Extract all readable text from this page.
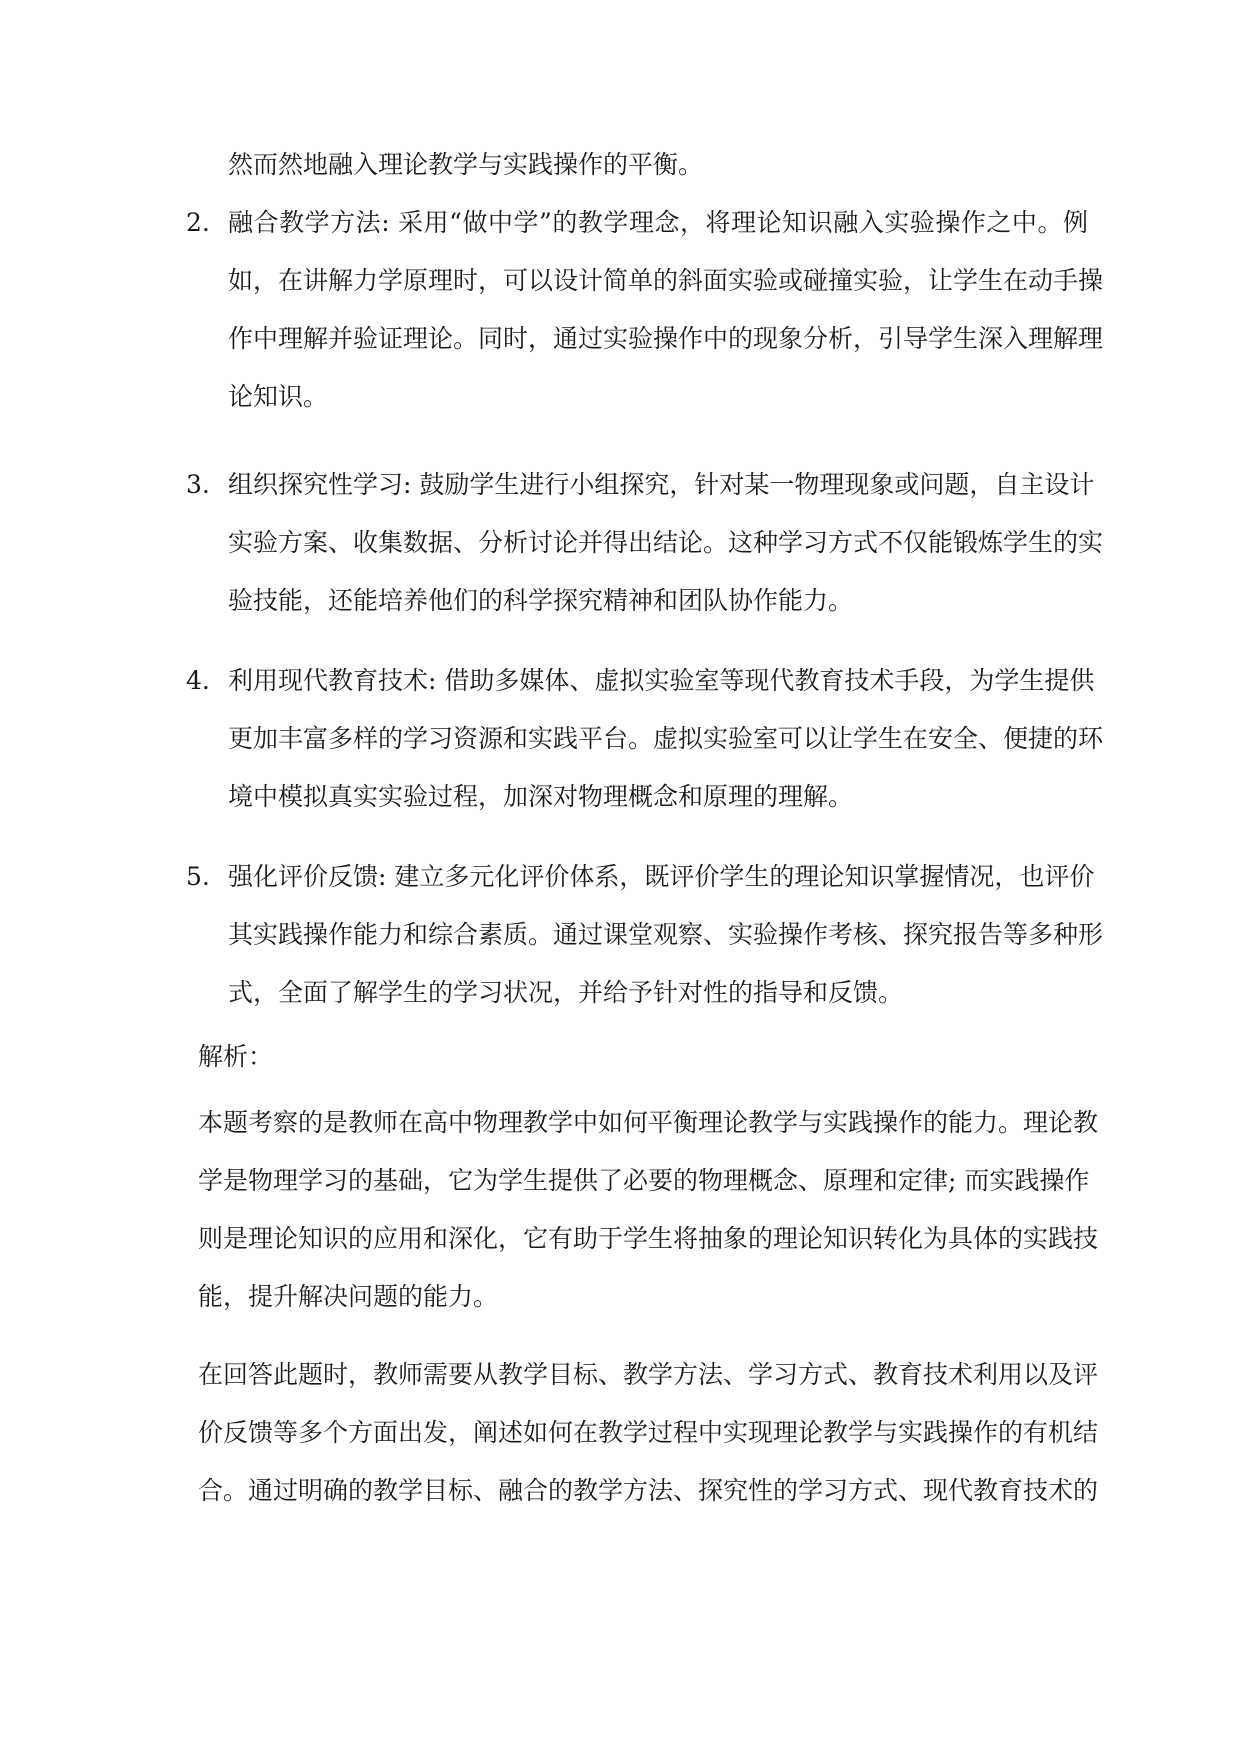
然而然地融入理论教学与实践操作的平衡。
2. 融合教学方法: 采用“做中学”的教学理念，将理论知识融入实验操作之中。例
如，在讲解力学原理时，可以设计简单的斜面实验或碰撞实验，让学生在动手操
作中理解并验证理论。同时，通过实验操作中的现象分析，引导学生深入理解理
论知识。
3. 组织探究性学习: 鼓励学生进行小组探究，针对某一物理现象或问题，自主设计
实验方案、收集数据、分析讨论并得出结论。这种学习方式不仅能锻炼学生的实
验技能，还能培养他们的科学探究精神和团队协作能力。
4. 利用现代教育技术: 借助多媒体、虚拟实验室等现代教育技术手段，为学生提供
更加丰富多样的学习资源和实践平台。虚拟实验室可以让学生在安全、便捷的环
境中模拟真实实验过程，加深对物理概念和原理的理解。
5. 强化评价反馈: 建立多元化评价体系，既评价学生的理论知识掌握情况，也评价
其实践操作能力和综合素质。通过课堂观察、实验操作考核、探究报告等多种形
式，全面了解学生的学习状况，并给予针对性的指导和反馈。
解析：
本题考察的是教师在高中物理教学中如何平衡理论教学与实践操作的能力。理论教
学是物理学习的基础，它为学生提供了必要的物理概念、原理和定律; 而实践操作
则是理论知识的应用和深化，它有助于学生将抽象的理论知识转化为具体的实践技
能，提升解决问题的能力。
在回答此题时，教师需要从教学目标、教学方法、学习方式、教育技术利用以及评
价反馈等多个方面出发，阐述如何在教学过程中实现理论教学与实践操作的有机结
合。通过明确的教学目标、融合的教学方法、探究性的学习方式、现代教育技术的
